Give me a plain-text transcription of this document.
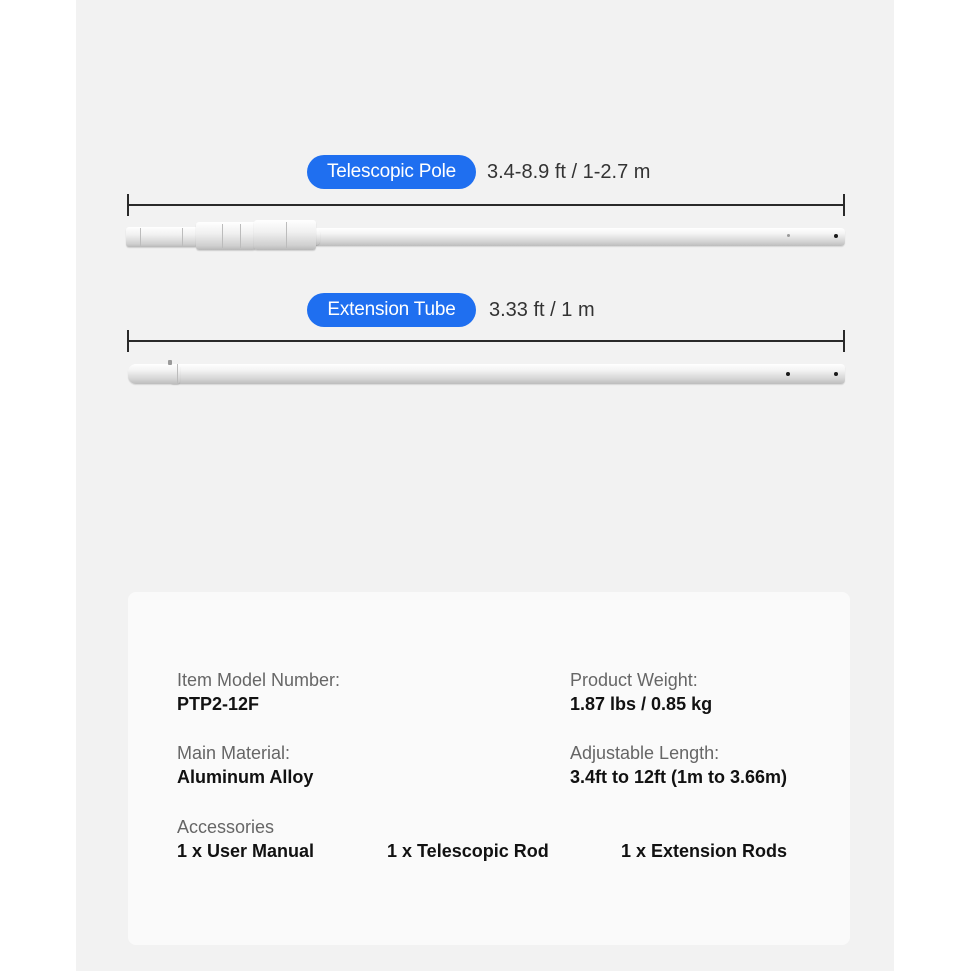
Telescopic Pole	3.4-8.9 ft / 1-2.7 m
Extension Tube	3.33 ft / 1 m
Item Model Number:
PTP2-12F
Product Weight:
1.87 lbs / 0.85 kg
Main Material:
Aluminum Alloy
Adjustable Length:
3.4ft to 12ft (1m to 3.66m)
Accessories
1 x User Manual	1 x Telescopic Rod	1 x Extension Rods
